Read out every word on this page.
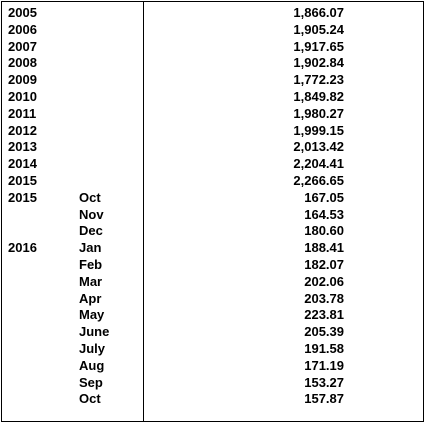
2005	1,866.07
2006	1,905.24
2007	1,917.65
2008	1,902.84
2009	1,772.23
2010	1,849.82
2011	1,980.27
2012	1,999.15
2013	2,013.42
2014	2,204.41
2015	2,266.65
2015	Oct	167.05
Nov	164.53
Dec	180.60
2016	Jan	188.41
Feb	182.07
Mar	202.06
Apr	203.78
May	223.81
June	205.39
July	191.58
Aug	171.19
Sep	153.27
Oct	157.87
